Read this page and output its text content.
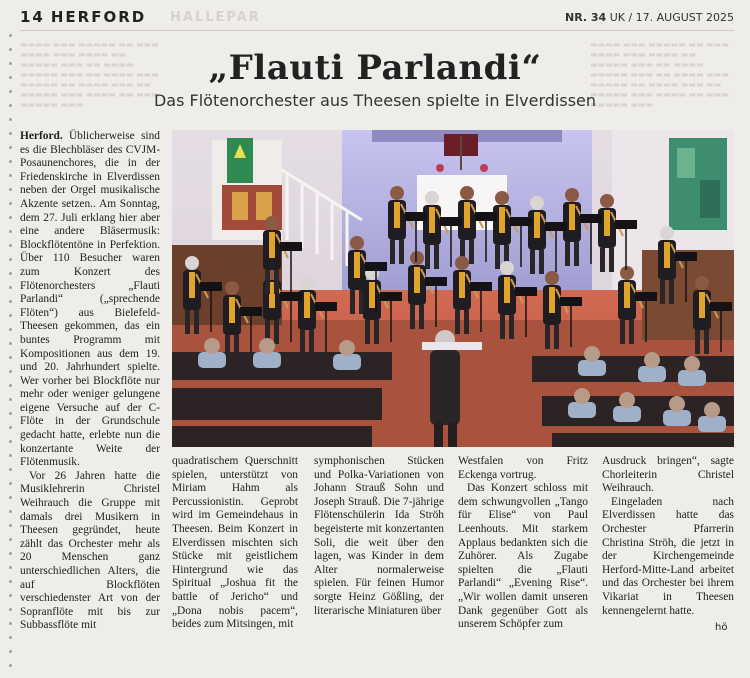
14 HERFORD HALLEPAR	NR. 34 UK / 17. AUGUST 2025
▬▬▬▬ ▬▬▬ ▬▬▬▬▬ ▬▬ ▬▬▬ ▬▬▬▬ ▬▬▬ ▬▬▬▬ ▬▬ ▬▬▬▬▬ ▬▬▬ ▬▬ ▬▬▬▬ ▬▬▬▬▬ ▬▬▬ ▬▬ ▬▬▬▬ ▬▬▬ ▬▬▬▬▬ ▬▬ ▬▬▬▬ ▬▬▬ ▬▬ ▬▬▬▬▬ ▬▬▬ ▬▬▬▬ ▬▬ ▬▬▬ ▬▬▬▬▬ ▬▬▬
▬▬▬▬ ▬▬▬ ▬▬▬▬▬ ▬▬ ▬▬▬ ▬▬▬▬ ▬▬▬ ▬▬▬▬ ▬▬ ▬▬▬▬▬ ▬▬▬ ▬▬ ▬▬▬▬ ▬▬▬▬▬ ▬▬▬ ▬▬ ▬▬▬▬ ▬▬▬ ▬▬▬▬▬ ▬▬ ▬▬▬▬ ▬▬▬ ▬▬ ▬▬▬▬▬ ▬▬▬ ▬▬▬▬ ▬▬ ▬▬▬ ▬▬▬▬▬ ▬▬▬
„Flauti Parlandi“
Das Flötenorchester aus Theesen spielte in Elverdissen

Herford. Üblicherweise sind es die Blechbläser des CVJM-Posaunenchores, die in der Friedenskirche in Elverdissen neben der Orgel musikalische Akzente setzen.. Am Sonntag, dem 27. Juli erklang hier aber eine andere Bläsermusik: Blockflötentöne in Perfektion. Über 110 Besucher waren zum Konzert des Flötenorchesters „Flauti Parlandi“ („sprechende Flöten“) aus Bielefeld-Theesen gekommen, das ein buntes Programm mit Kompositionen aus dem 19. und 20. Jahrhundert spielte. Wer vorher bei Blockflöte nur mehr oder weniger gelungene eigene Versuche auf der C-Flöte in der Grundschule gedacht hatte, erlebte nun die konzertante Weite der Flötenmusik.

Vor 26 Jahren hatte die Musiklehrerin Christel Weihrauch die Gruppe mit damals drei Musikern in Theesen gegründet, heute zählt das Orchester mehr als 20 Menschen ganz unterschiedlichen Alters, die auf Blockflöten verschiedenster Art von der Sopranflöte mit bis zur Subbassflöte mit

quadratischem Querschnitt spielen, unterstützt von Miriam Hahm als Percussionistin. Geprobt wird im Gemeindehaus in Theesen. Beim Konzert in Elverdissen mischten sich Stücke mit geistlichem Hintergrund wie das Spiritual „Joshua fit the battle of Jericho“ und „Dona nobis pacem“, beides zum Mitsingen, mit

symphonischen Stücken und Polka-Variationen von Johann Strauß Sohn und Joseph Strauß. Die 7-jährige Flötenschülerin Ida Ströh begeisterte mit konzertanten Soli, die weit über den lagen, was Kinder in dem Alter normalerweise spielen. Für feinen Humor sorgte Heinz Gößling, der literarische Miniaturen über

Westfalen von Fritz Eckenga vortrug.

Das Konzert schloss mit dem schwungvollen „Tango für Elise“ von Paul Leenhouts. Mit starkem Applaus bedankten sich die Zuhörer. Als Zugabe spielten die „Flauti Parlandi“ „Evening Rise“. „Wir wollen damit unseren Dank gegenüber Gott als unserem Schöpfer zum

Ausdruck bringen“, sagte Chorleiterin Christel Weihrauch.

Eingeladen nach Elverdissen hatte das Orchester Pfarrerin Christina Ströh, die jetzt in der Kirchengemeinde Herford-Mitte-Land arbeitet und das Orchester bei ihrem Vikariat in Theesen kennengelernt hatte.

hö
